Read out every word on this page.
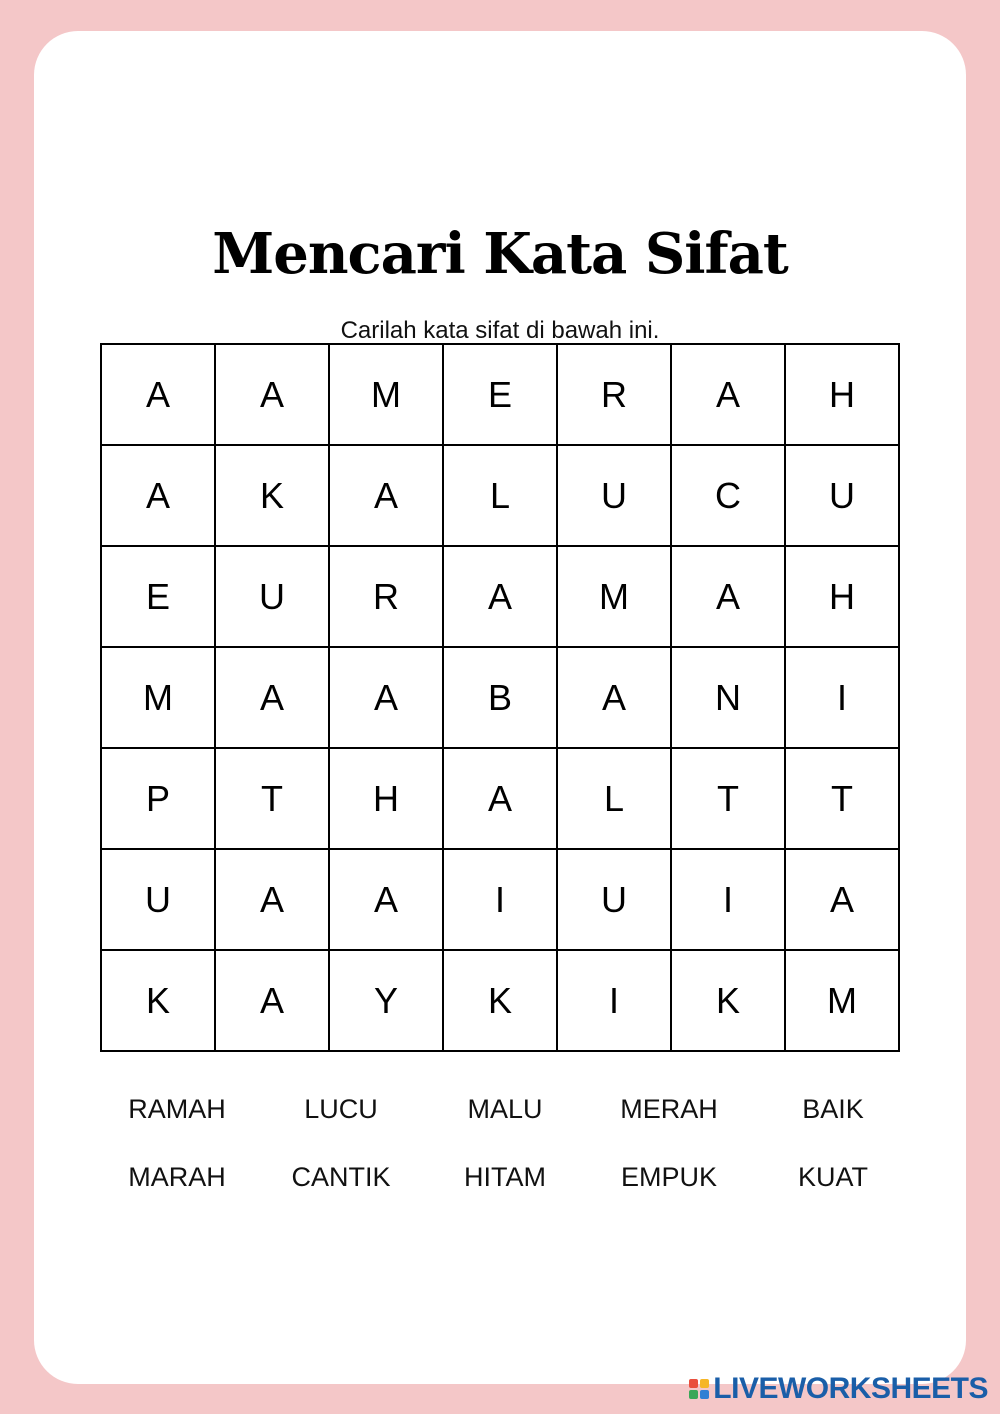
Mencari Kata Sifat
Carilah kata sifat di bawah ini.
A	A	M	E	R	A	H
A	K	A	L	U	C	U
E	U	R	A	M	A	H
M	A	A	B	A	N	I
P	T	H	A	L	T	T
U	A	A	I	U	I	A
K	A	Y	K	I	K	M
RAMAH	LUCU	MALU	MERAH	BAIK
MARAH	CANTIK	HITAM	EMPUK	KUAT
LIVEWORKSHEETS
